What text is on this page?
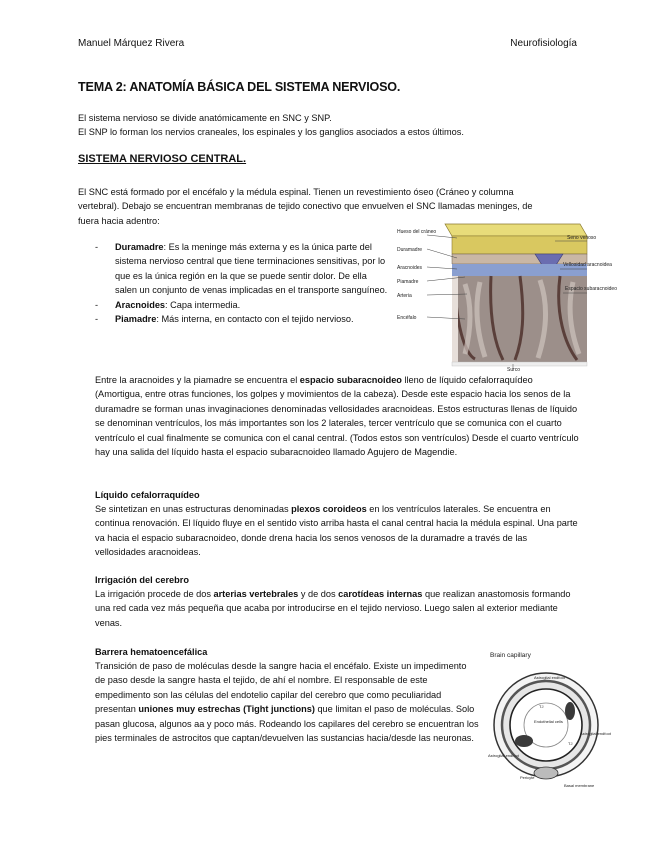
Manuel Márquez Rivera	Neurofisiología
TEMA 2: ANATOMÍA BÁSICA DEL SISTEMA NERVIOSO.

El sistema nervioso se divide anatómicamente en SNC y SNP.

El SNP lo forman los nervios craneales, los espinales y los ganglios asociados a estos últimos.

SISTEMA NERVIOSO CENTRAL.

El SNC está formado por el encéfalo y la médula espinal. Tienen un revestimiento óseo (Cráneo y columna vertebral). Debajo se encuentran membranas de tejido conectivo que envuelven el SNC llamadas meninges, de fuera hacia adentro:

- Duramadre: Es la meninge más externa y es la única parte del sistema nervioso central que tiene terminaciones sensitivas, por lo que es la única región en la que se puede sentir dolor. De ella salen un conjunto de venas implicadas en el transporte sanguíneo.
- Aracnoides: Capa intermedia.
- Piamadre: Más interna, en contacto con el tejido nervioso.
Hueso del cráneo
Duramadre
Aracnoides
Piamadre
Arteria
Encéfalo
Seno venoso
Vellosidad aracnoidea
Espacio subaracnoideo
Surco

Entre la aracnoides y la piamadre se encuentra el espacio subaracnoideo lleno de líquido cefalorraquídeo (Amortigua, entre otras funciones, los golpes y movimientos de la cabeza). Desde este espacio hacia los senos de la duramadre se forman unas invaginaciones denominadas vellosidades aracnoideas. Estos estructuras llenas de líquido se denominan ventrículos, los más importantes son los 2 laterales, tercer ventrículo que se comunica con el cuarto ventrículo el cual finalmente se comunica con el canal central. (Todos estos son ventrículos) Desde el cuarto ventrículo hay una salida del líquido hasta el espacio subaracnoideo llamado Agujero de Magendie.

Líquido cefalorraquídeo

Se sintetizan en unas estructuras denominadas plexos coroideos en los ventrículos laterales. Se encuentra en continua renovación. El líquido fluye en el sentido visto arriba hasta el canal central hacia la médula espinal. Una parte va hacia el espacio subaracnoideo, donde drena hacia los senos venosos de la duramadre a través de las vellosidades aracnoideas.

Irrigación del cerebro

La irrigación procede de dos arterias vertebrales y de dos carotídeas internas que realizan anastomosis formando una red cada vez más pequeña que acaba por introducirse en el tejido nervioso. Luego salen al exterior mediante venas.

Barrera hematoencefálica

Transición de paso de moléculas desde la sangre hacia el encéfalo. Existe un impedimento de paso desde la sangre hasta el tejido, de ahí el nombre. El responsable de este empedimento son las células del endotelio capilar del cerebro que como peculiaridad presentan uniones muy estrechas (Tight junctions) que limitan el paso de moléculas. Solo pasan glucosa, algunos aa y poco más. Rodeando los capilares del cerebro se encuentran los pies terminales de astrocitos que captan/devuelven las sustancias hacia/desde las neuronas.

Brain capillary
Astroglial endfoot
TJ
Endothelial cells
TJ
Astroglial endfoot
Astroglial endfoot
Pericyte
Basal membrane
